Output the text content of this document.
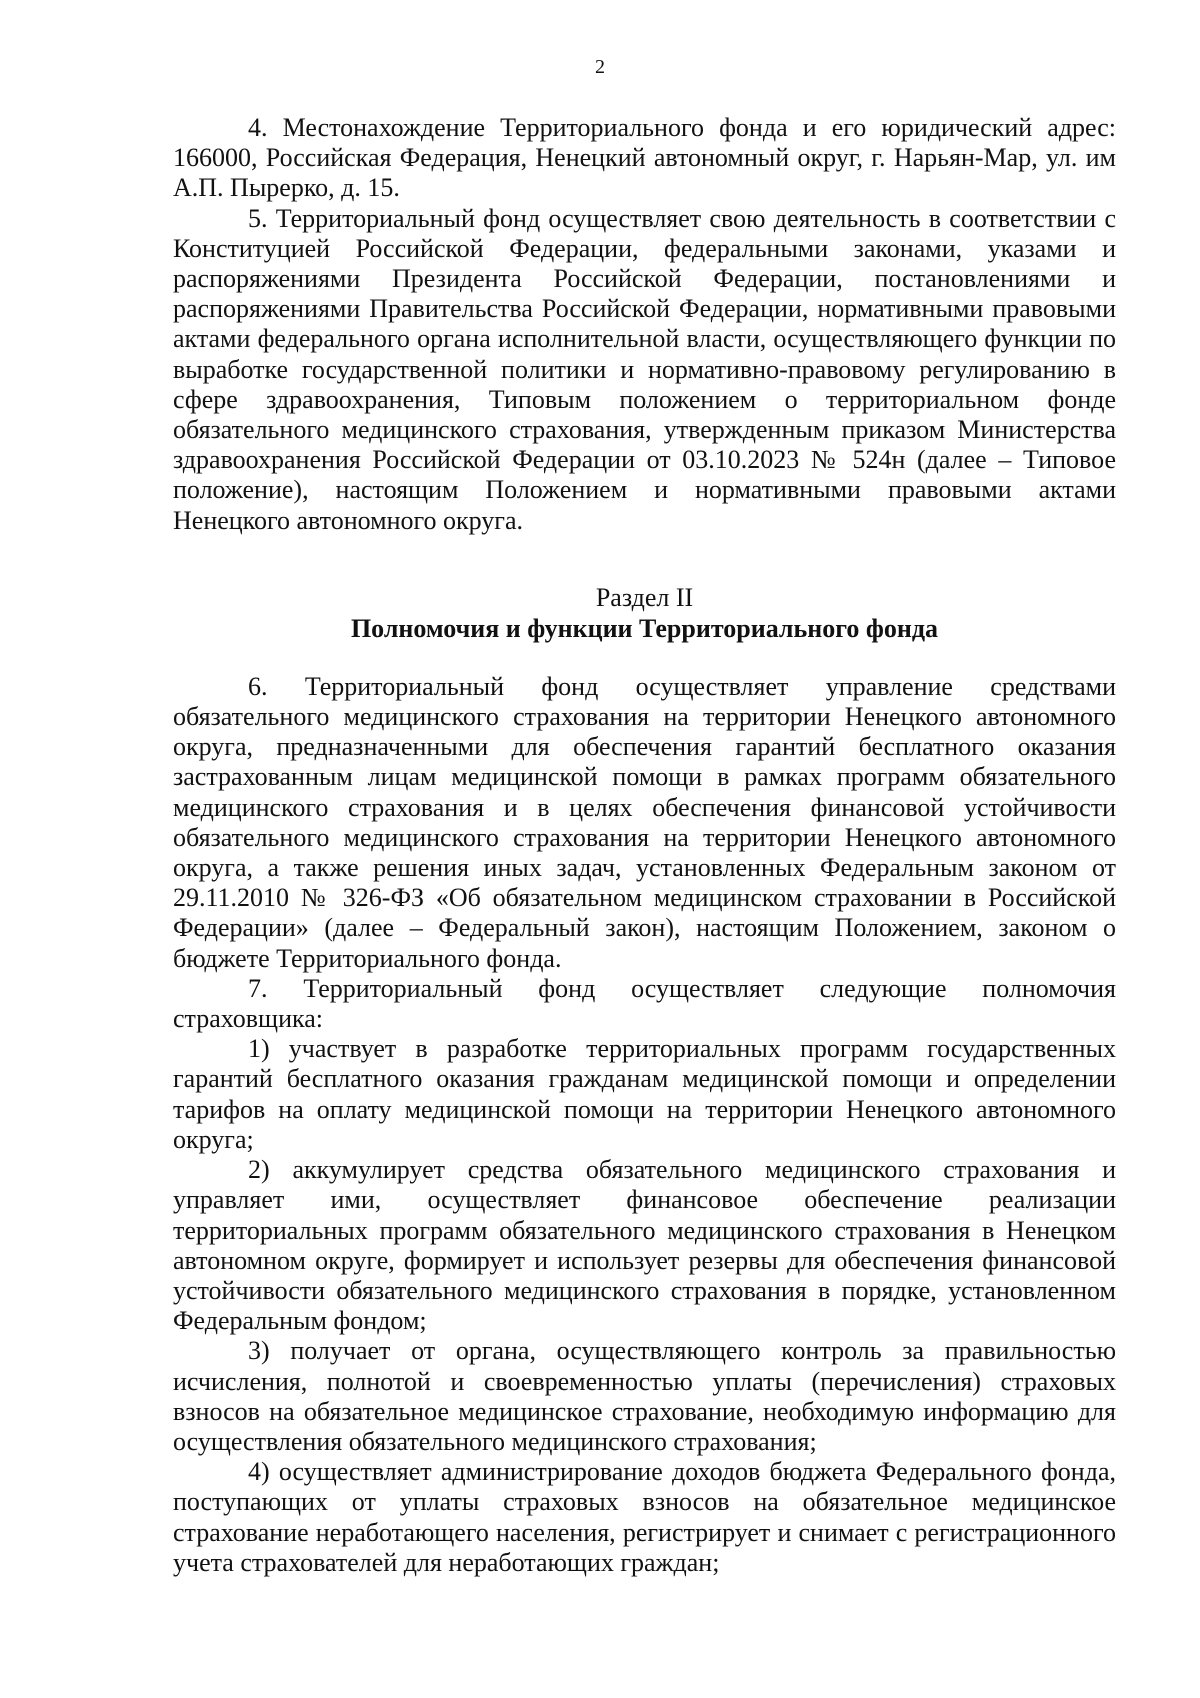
2

4. Местонахождение Территориального фонда и его юридический адрес: 166000, Российская Федерация, Ненецкий автономный округ, г. Нарьян-Мар, ул. им А.П. Пырерко, д. 15.

5. Территориальный фонд осуществляет свою деятельность в соответствии с Конституцией Российской Федерации, федеральными законами, указами и распоряжениями Президента Российской Федерации, постановлениями и распоряжениями Правительства Российской Федерации, нормативными правовыми актами федерального органа исполнительной власти, осуществляющего функции по выработке государственной политики и нормативно-правовому регулированию в сфере здравоохранения, Типовым положением о территориальном фонде обязательного медицинского страхования, утвержденным приказом Министерства здравоохранения Российской Федерации от 03.10.2023 № 524н (далее – Типовое положение), настоящим Положением и нормативными правовыми актами Ненецкого автономного округа.

Раздел II
Полномочия и функции Территориального фонда

6. Территориальный фонд осуществляет управление средствами обязательного медицинского страхования на территории Ненецкого автономного округа, предназначенными для обеспечения гарантий бесплатного оказания застрахованным лицам медицинской помощи в рамках программ обязательного медицинского страхования и в целях обеспечения финансовой устойчивости обязательного медицинского страхования на территории Ненецкого автономного округа, а также решения иных задач, установленных Федеральным законом от 29.11.2010 № 326-ФЗ «Об обязательном медицинском страховании в Российской Федерации» (далее – Федеральный закон), настоящим Положением, законом о бюджете Территориального фонда.

7. Территориальный фонд осуществляет следующие полномочия страховщика:

1) участвует в разработке территориальных программ государственных гарантий бесплатного оказания гражданам медицинской помощи и определении тарифов на оплату медицинской помощи на территории Ненецкого автономного округа;

2) аккумулирует средства обязательного медицинского страхования и управляет ими, осуществляет финансовое обеспечение реализации территориальных программ обязательного медицинского страхования в Ненецком автономном округе, формирует и использует резервы для обеспечения финансовой устойчивости обязательного медицинского страхования в порядке, установленном Федеральным фондом;

3) получает от органа, осуществляющего контроль за правильностью исчисления, полнотой и своевременностью уплаты (перечисления) страховых взносов на обязательное медицинское страхование, необходимую информацию для осуществления обязательного медицинского страхования;

4) осуществляет администрирование доходов бюджета Федерального фонда, поступающих от уплаты страховых взносов на обязательное медицинское страхование неработающего населения, регистрирует и снимает с регистрационного учета страхователей для неработающих граждан;
